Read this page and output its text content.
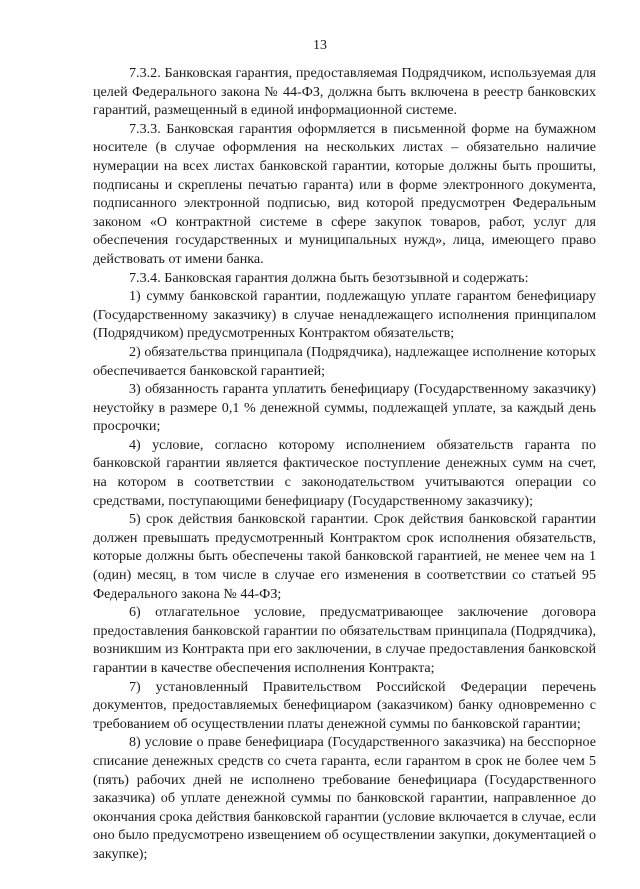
13

7.3.2. Банковская гарантия, предоставляемая Подрядчиком, используемая для целей Федерального закона № 44-ФЗ, должна быть включена в реестр банковских гарантий, размещенный в единой информационной системе.

7.3.3. Банковская гарантия оформляется в письменной форме на бумажном носителе (в случае оформления на нескольких листах – обязательно наличие нумерации на всех листах банковской гарантии, которые должны быть прошиты, подписаны и скреплены печатью гаранта) или в форме электронного документа, подписанного электронной подписью, вид которой предусмотрен Федеральным законом «О контрактной системе в сфере закупок товаров, работ, услуг для обеспечения государственных и муниципальных нужд», лица, имеющего право действовать от имени банка.

7.3.4. Банковская гарантия должна быть безотзывной и содержать:

1) сумму банковской гарантии, подлежащую уплате гарантом бенефициару (Государственному заказчику) в случае ненадлежащего исполнения принципалом (Подрядчиком) предусмотренных Контрактом обязательств;

2) обязательства принципала (Подрядчика), надлежащее исполнение которых обеспечивается банковской гарантией;

3) обязанность гаранта уплатить бенефициару (Государственному заказчику) неустойку в размере 0,1 % денежной суммы, подлежащей уплате, за каждый день просрочки;

4) условие, согласно которому исполнением обязательств гаранта по банковской гарантии является фактическое поступление денежных сумм на счет, на котором в соответствии с законодательством учитываются операции со средствами, поступающими бенефициару (Государственному заказчику);

5) срок действия банковской гарантии. Срок действия банковской гарантии должен превышать предусмотренный Контрактом срок исполнения обязательств, которые должны быть обеспечены такой банковской гарантией, не менее чем на 1 (один) месяц, в том числе в случае его изменения в соответствии со статьей 95 Федерального закона № 44-ФЗ;

6) отлагательное условие, предусматривающее заключение договора предоставления банковской гарантии по обязательствам принципала (Подрядчика), возникшим из Контракта при его заключении, в случае предоставления банковской гарантии в качестве обеспечения исполнения Контракта;

7) установленный Правительством Российской Федерации перечень документов, предоставляемых бенефициаром (заказчиком) банку одновременно с требованием об осуществлении платы денежной суммы по банковской гарантии;

8) условие о праве бенефициара (Государственного заказчика) на бесспорное списание денежных средств со счета гаранта, если гарантом в срок не более чем 5 (пять) рабочих дней не исполнено требование бенефициара (Государственного заказчика) об уплате денежной суммы по банковской гарантии, направленное до окончания срока действия банковской гарантии (условие включается в случае, если оно было предусмотрено извещением об осуществлении закупки, документацией о закупке);
